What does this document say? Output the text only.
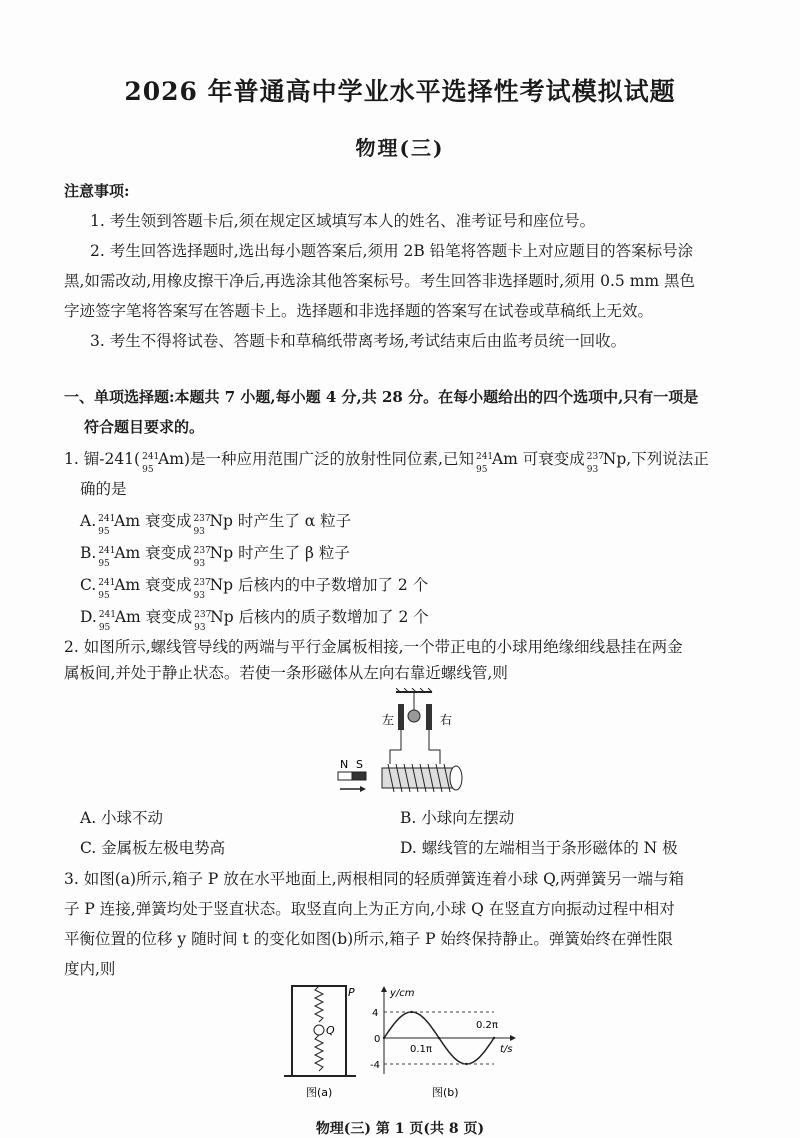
2026 年普通高中学业水平选择性考试模拟试题
物理(三)
注意事项:
1. 考生领到答题卡后,须在规定区域填写本人的姓名、准考证号和座位号。
2. 考生回答选择题时,选出每小题答案后,须用 2B 铅笔将答题卡上对应题目的答案标号涂
黑,如需改动,用橡皮擦干净后,再选涂其他答案标号。考生回答非选择题时,须用 0.5 mm 黑色
字迹签字笔将答案写在答题卡上。选择题和非选择题的答案写在试卷或草稿纸上无效。
3. 考生不得将试卷、答题卡和草稿纸带离考场,考试结束后由监考员统一回收。
一、单项选择题:本题共 7 小题,每小题 4 分,共 28 分。在每小题给出的四个选项中,只有一项是
符合题目要求的。
1. 镅-241( 241
95
Am)是一种应用范围广泛的放射性同位素,已知 241
95
Am 可衰变成 237
93
Np,下列说法正
确的是
A. 241
95
Am 衰变成 237
93
Np 时产生了 α 粒子
B. 241
95
Am 衰变成 237
93
Np 时产生了 β 粒子
C. 241
95
Am 衰变成 237
93
Np 后核内的中子数增加了 2 个
D. 241
95
Am 衰变成 237
93
Np 后核内的质子数增加了 2 个
2. 如图所示,螺线管导线的两端与平行金属板相接,一个带正电的小球用绝缘细线悬挂在两金
属板间,并处于静止状态。若使一条形磁体从左向右靠近螺线管,则
左	右
N S
A. 小球不动	B. 小球向左摆动
C. 金属板左极电势高	D. 螺线管的左端相当于条形磁体的 N 极
3. 如图(a)所示,箱子 P 放在水平地面上,两根相同的轻质弹簧连着小球 Q,两弹簧另一端与箱
子 P 连接,弹簧均处于竖直状态。取竖直向上为正方向,小球 Q 在竖直方向振动过程中相对
平衡位置的位移 y 随时间 t 的变化如图(b)所示,箱子 P 始终保持静止。弹簧始终在弹性限
度内,则
P
Q
图(a)
y/cm
t/s
4
0
-4
0.1π
0.2π
图(b)
物理(三) 第 1 页(共 8 页)
